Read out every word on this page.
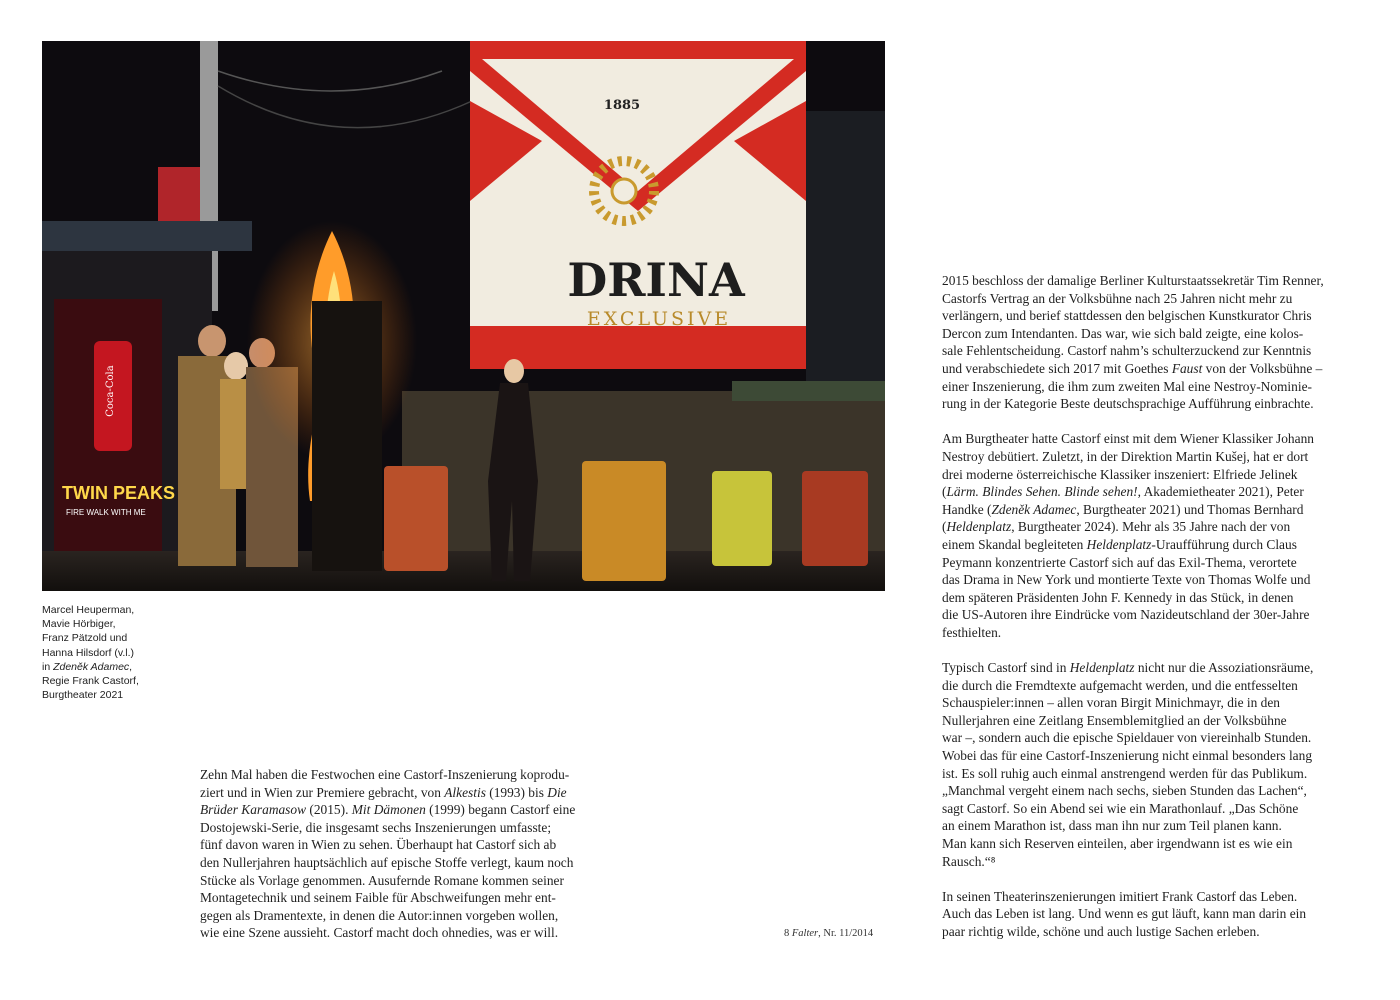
Coca-Cola
TWIN PEAKS
FIRE WALK WITH ME
1885
DRINA
EXCLUSIVE
Marcel Heuperman,
Mavie Hörbiger,
Franz Pätzold und
Hanna Hilsdorf (v.l.)
in Zdeněk Adamec,
Regie Frank Castorf,
Burgtheater 2021
Zehn Mal haben die Festwochen eine Castorf-Inszenierung koprodu-
ziert und in Wien zur Premiere gebracht, von Alkestis (1993) bis Die
Brüder Karamasow (2015). Mit Dämonen (1999) begann Castorf eine
Dostojewski-Serie, die insgesamt sechs Inszenierungen umfasste;
fünf davon waren in Wien zu sehen. Überhaupt hat Castorf sich ab
den Nullerjahren hauptsächlich auf epische Stoffe verlegt, kaum noch
Stücke als Vorlage genommen. Ausufernde Romane kommen seiner
Montagetechnik und seinem Faible für Abschweifungen mehr ent-
gegen als Dramentexte, in denen die Autor:innen vorgeben wollen,
wie eine Szene aussieht. Castorf macht doch ohnedies, was er will.	8 Falter, Nr. 11/2014
2015 beschloss der damalige Berliner Kulturstaatssekretär Tim Renner,
Castorfs Vertrag an der Volksbühne nach 25 Jahren nicht mehr zu
verlängern, und berief stattdessen den belgischen Kunstkurator Chris
Dercon zum Intendanten. Das war, wie sich bald zeigte, eine kolos-
sale Fehlentscheidung. Castorf nahm’s schulterzuckend zur Kenntnis
und verabschiedete sich 2017 mit Goethes Faust von der Volksbühne –
einer Inszenierung, die ihm zum zweiten Mal eine Nestroy-Nominie-
rung in der Kategorie Beste deutschsprachige Aufführung einbrachte.
Am Burgtheater hatte Castorf einst mit dem Wiener Klassiker Johann
Nestroy debütiert. Zuletzt, in der Direktion Martin Kušej, hat er dort
drei moderne österreichische Klassiker inszeniert: Elfriede Jelinek
(Lärm. Blindes Sehen. Blinde sehen!, Akademietheater 2021), Peter
Handke (Zdeněk Adamec, Burgtheater 2021) und Thomas Bernhard
(Heldenplatz, Burgtheater 2024). Mehr als 35 Jahre nach der von
einem Skandal begleiteten Heldenplatz-Uraufführung durch Claus
Peymann konzentrierte Castorf sich auf das Exil-Thema, verortete
das Drama in New York und montierte Texte von Thomas Wolfe und
dem späteren Präsidenten John F. Kennedy in das Stück, in denen
die US-Autoren ihre Eindrücke vom Nazideutschland der 30er-Jahre
festhielten.
Typisch Castorf sind in Heldenplatz nicht nur die Assoziationsräume,
die durch die Fremdtexte aufgemacht werden, und die entfesselten
Schauspieler:innen – allen voran Birgit Minichmayr, die in den
Nullerjahren eine Zeitlang Ensemblemitglied an der Volksbühne
war –, sondern auch die epische Spieldauer von viereinhalb Stunden.
Wobei das für eine Castorf-Inszenierung nicht einmal besonders lang
ist. Es soll ruhig auch einmal anstrengend werden für das Publikum.
„Manchmal vergeht einem nach sechs, sieben Stunden das Lachen“,
sagt Castorf. So ein Abend sei wie ein Marathonlauf. „Das Schöne
an einem Marathon ist, dass man ihn nur zum Teil planen kann.
Man kann sich Reserven einteilen, aber irgendwann ist es wie ein
Rausch.“⁸
In seinen Theaterinszenierungen imitiert Frank Castorf das Leben.
Auch das Leben ist lang. Und wenn es gut läuft, kann man darin ein
paar richtig wilde, schöne und auch lustige Sachen erleben.
